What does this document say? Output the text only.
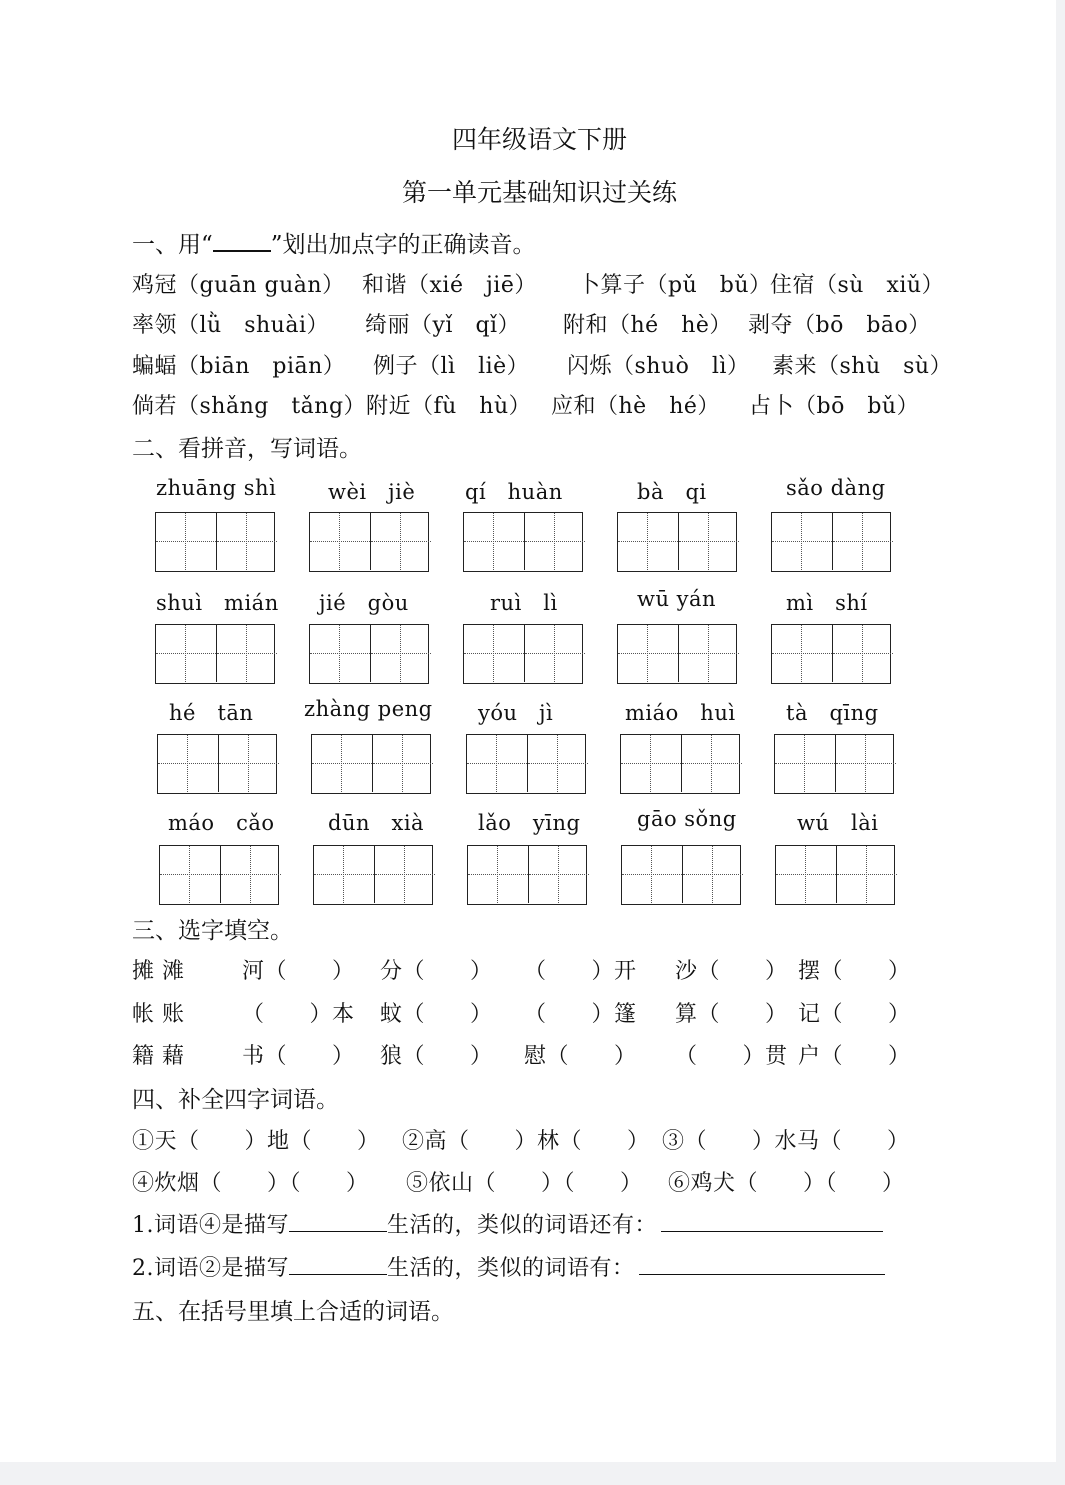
四年级语文下册
第一单元基础知识过关练
一、用“	”划出加点字的正确读音。
鸡冠（guān guàn） 和谐（xié　jiē） 卜算子（pǔ　bǔ）
住宿（sù　xiǔ）
率领（lǜ　shuài） 绮丽（yǐ　qǐ） 附和（hé　hè） 剥夺（bō　bāo）
蝙蝠（biān　piān） 例子（lì　liè） 闪烁（shuò　lì） 素来（shù　sù）
倘若（shǎng　tǎng） 附近（fù　hù） 应和（hè　hé） 占卜（bō　bǔ）
二、看拼音，写词语。
zhuāng shì wèi　jiè qí　huàn	bà　qi	sǎo dàng
shuì　mián jié　gòu	ruì　lì	wū yán	mì　shí
hé　tān zhàng peng yóu　jì	miáo　huì tà　qīng
máo　cǎo	dūn　xià	lǎo　yīng	gāo sǒng	wú　lài
三、选字填空。
摊 滩	河（　　） 分（　　） （　　）开 沙（　　） 摆（　　）
帐 账	（　　）本 蚊（　　） （　　）篷 算（　　） 记（　　）
籍 藉	书（　　） 狼（　　） 慰（　　） （　　）贯 户（　　）
四、补全四字词语。
①天（　　）地（　　） ②高（　　）林（　　） ③（　　）水马（　　）
④炊烟（　　）（　　） ⑤依山（　　）（　　） ⑥鸡犬（　　）（　　）
1.词语④是描写	生活的，类似的词语还有：
2.词语②是描写	生活的，类似的词语有：
五、在括号里填上合适的词语。
